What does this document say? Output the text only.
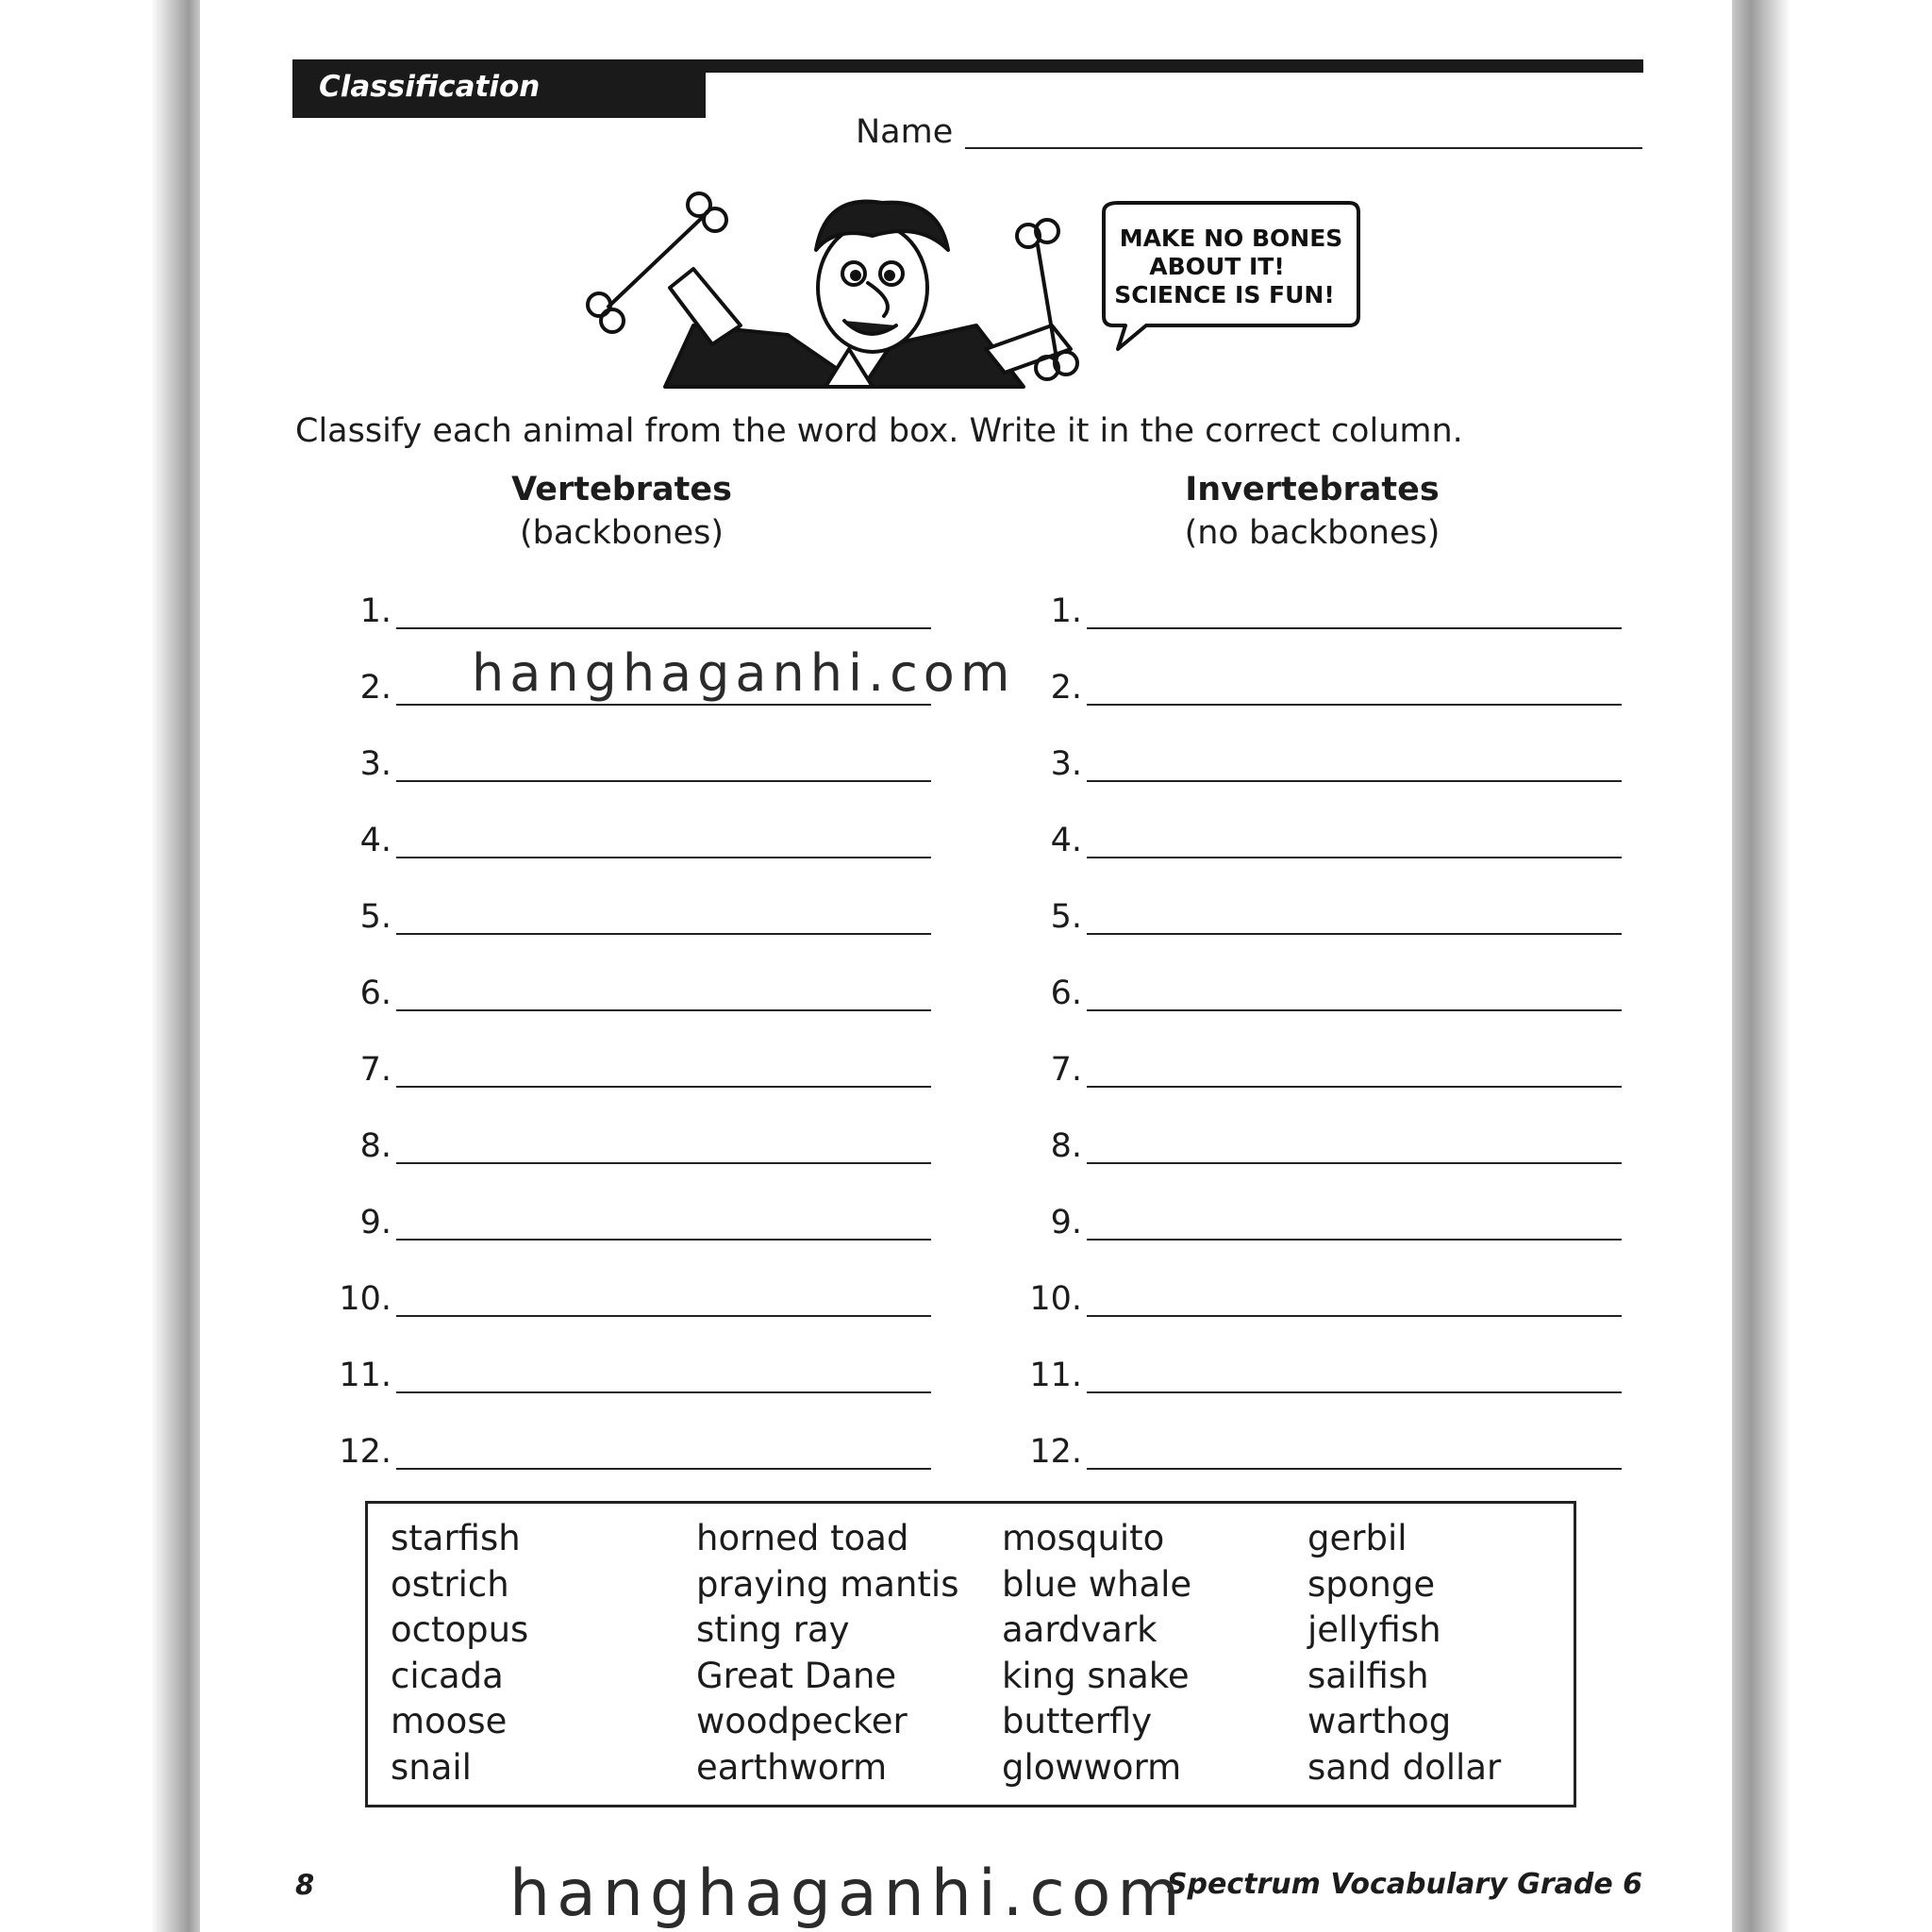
Classification
Name
MAKE NO BONES
ABOUT IT!
SCIENCE IS FUN!
Classify each animal from the word box. Write it in the correct column.
Vertebrates
(backbones)
Invertebrates
(no backbones)
1.
2.
3.
4.
5.
6.
7.
8.
9.
10.
11.
12.
1.
2.
3.
4.
5.
6.
7.
8.
9.
10.
11.
12.
hanghaganhi.com
starfish	horned toad	mosquito	gerbil
ostrich	praying mantis	blue whale	sponge
octopus	sting ray	aardvark	jellyfish
cicada	Great Dane	king snake	sailfish
moose	woodpecker	butterfly	warthog
snail	earthworm	glowworm	sand dollar
8	Spectrum Vocabulary Grade 6
hanghaganhi.com
